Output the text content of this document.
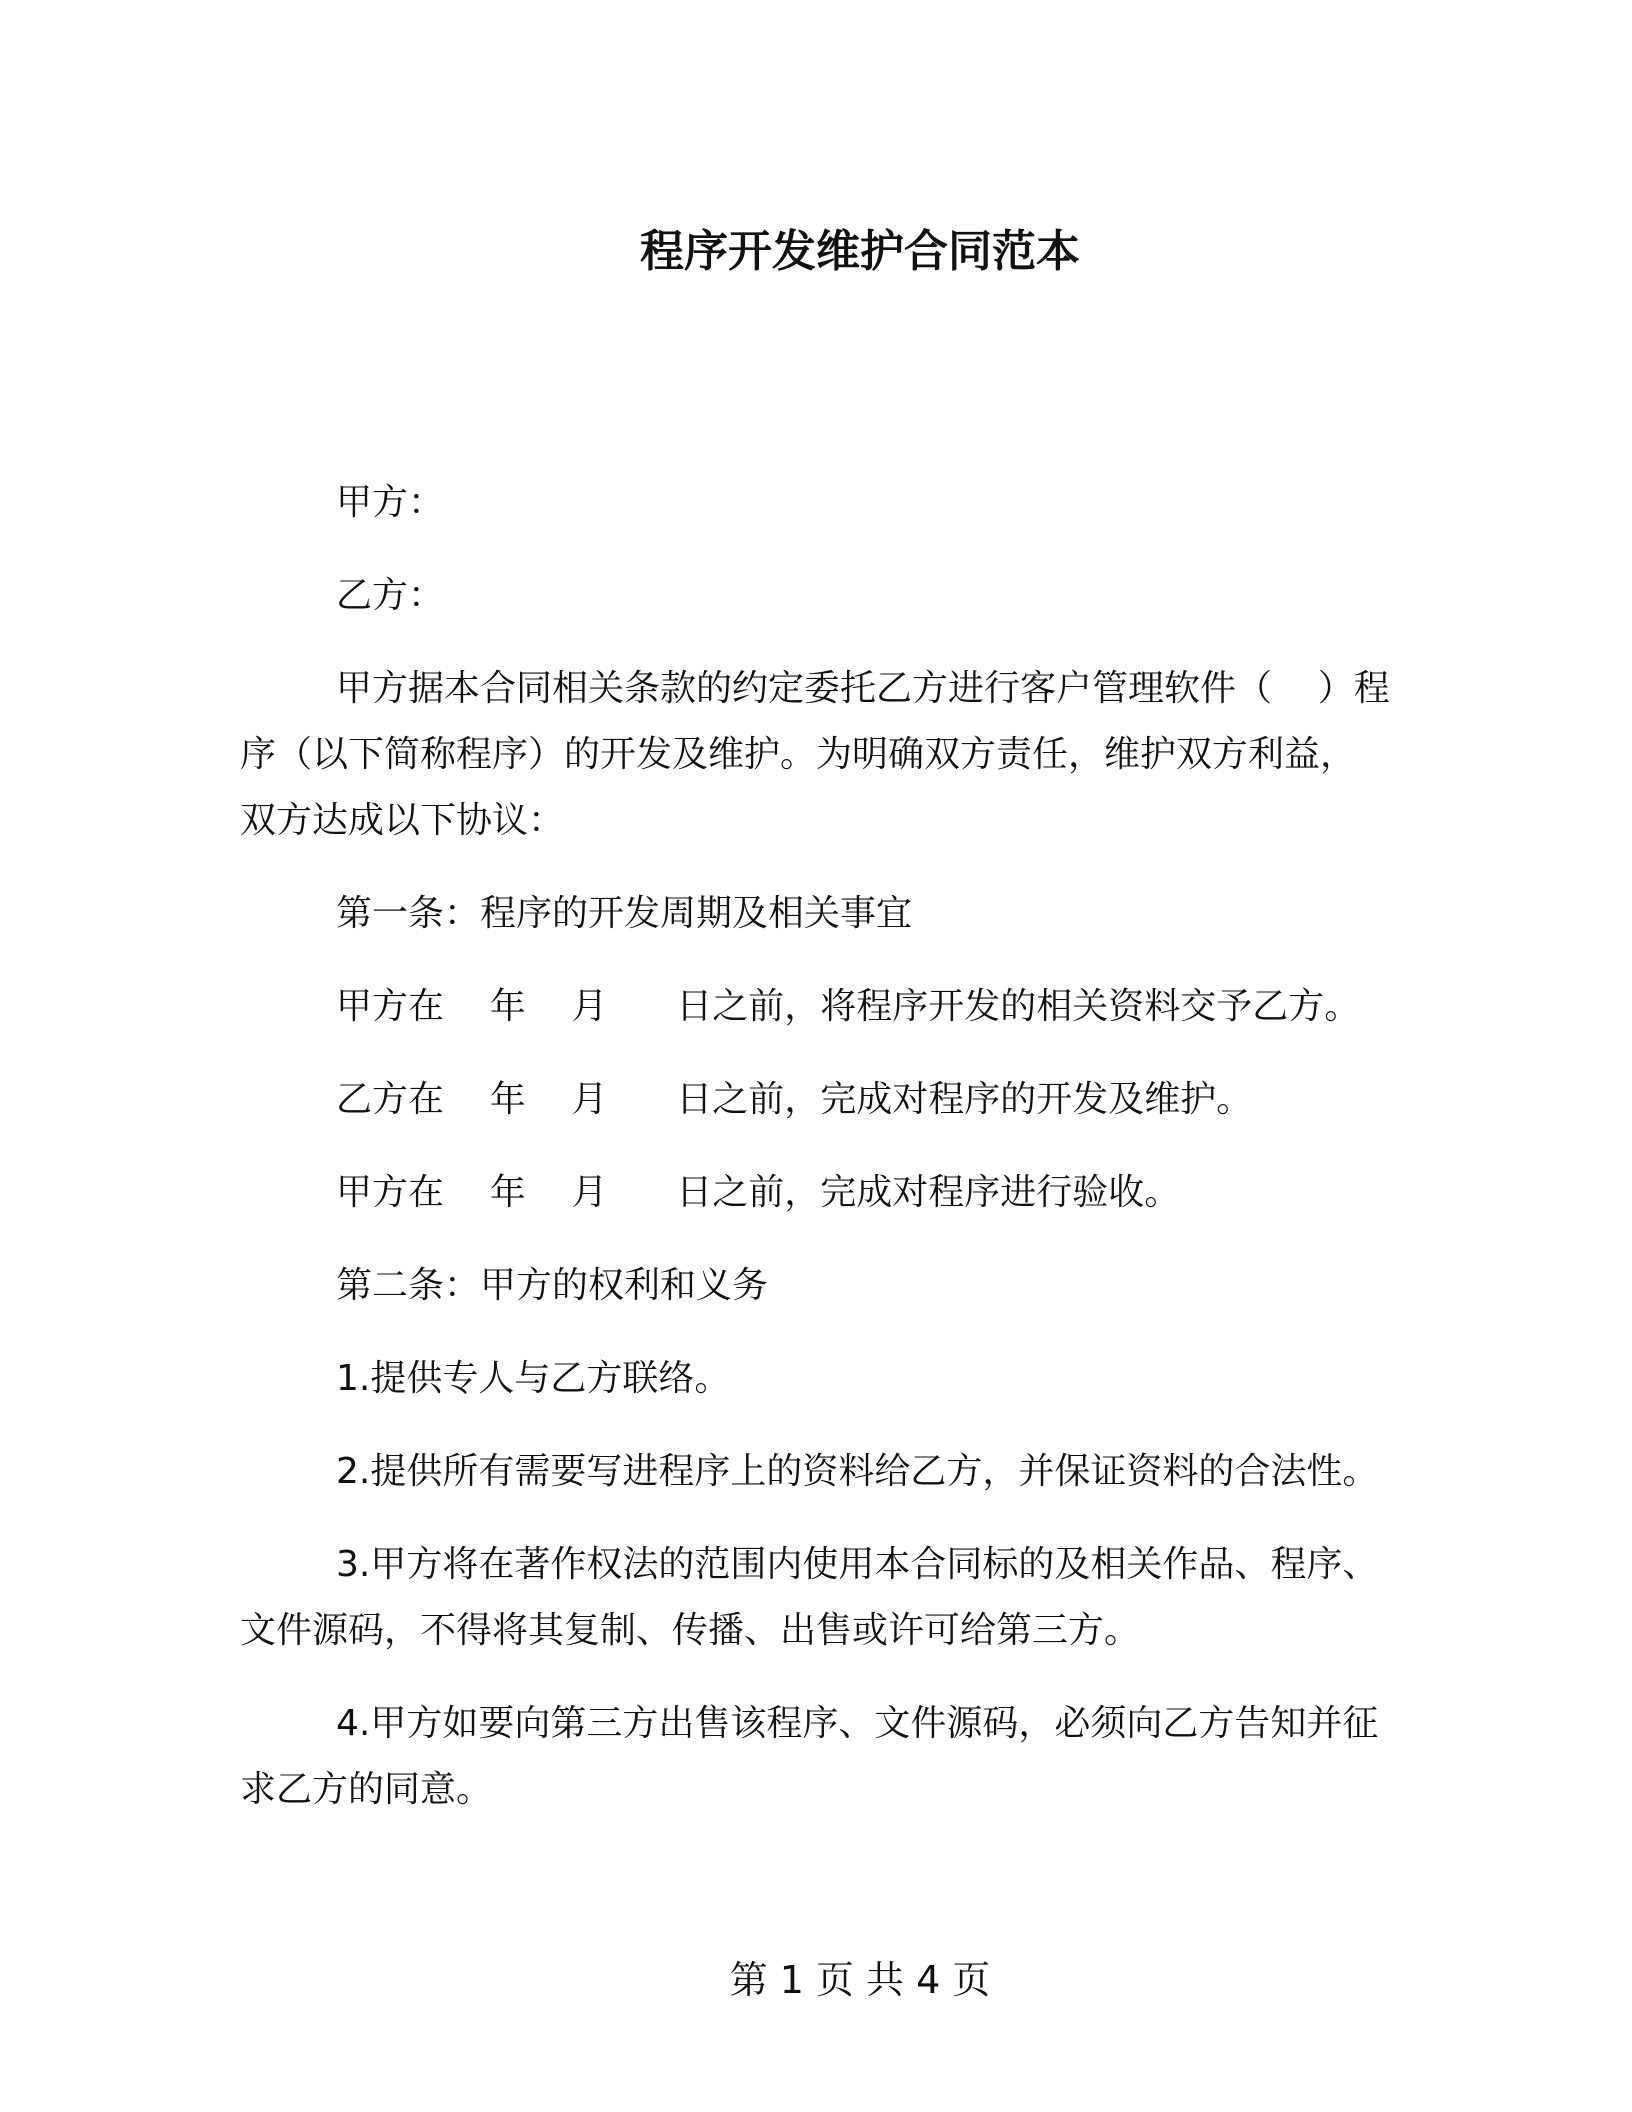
程序开发维护合同范本

甲方：

乙方：

甲方据本合同相关条款的约定委托乙方进行客户管理软件（    ）程序（以下简称程序）的开发及维护。为明确双方责任，维护双方利益，双方达成以下协议：

第一条：程序的开发周期及相关事宜

甲方在    年    月      日之前，将程序开发的相关资料交予乙方。

乙方在    年    月      日之前，完成对程序的开发及维护。

甲方在    年    月      日之前，完成对程序进行验收。

第二条：甲方的权利和义务

1.提供专人与乙方联络。

2.提供所有需要写进程序上的资料给乙方，并保证资料的合法性。

3.甲方将在著作权法的范围内使用本合同标的及相关作品、程序、文件源码，不得将其复制、传播、出售或许可给第三方。

4.甲方如要向第三方出售该程序、文件源码，必须向乙方告知并征求乙方的同意。

第 1 页 共 4 页
